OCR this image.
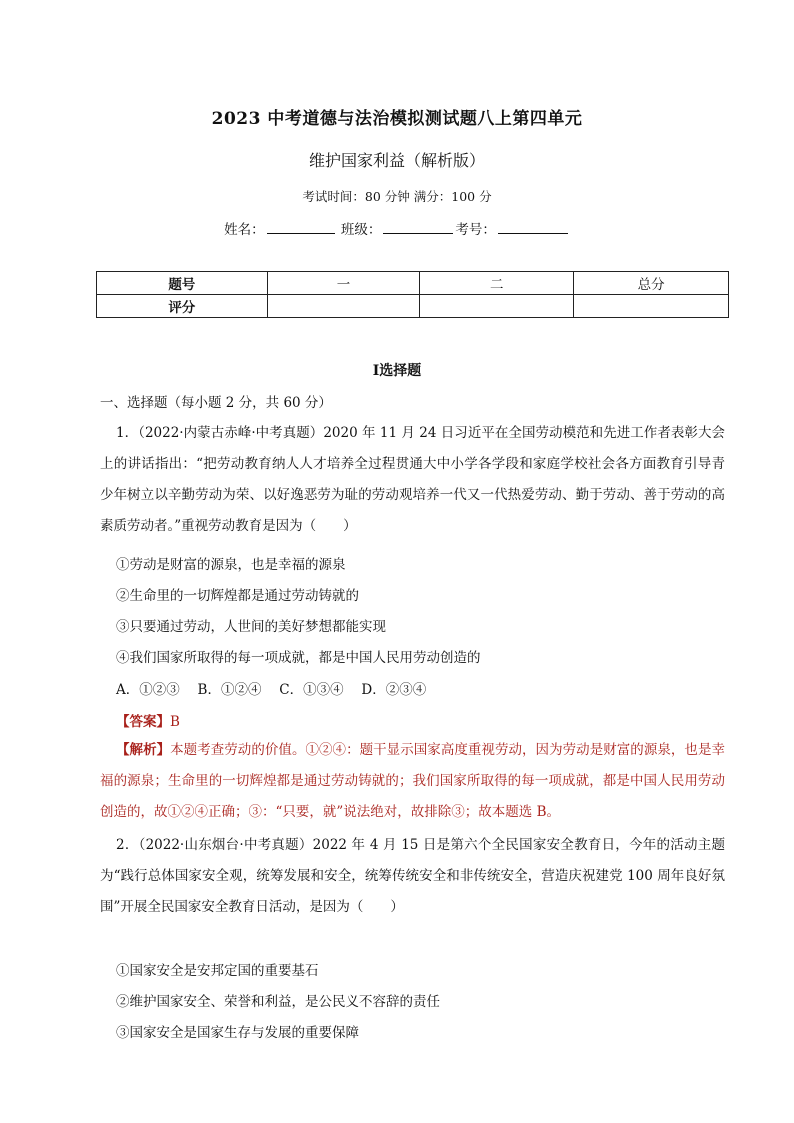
2023 中考道德与法治模拟测试题八上第四单元
维护国家利益（解析版）
考试时间：80 分钟 满分：100 分
姓名：	班级：	考号：
题号	一	二	总分
评分			
Ⅰ选择题
一、选择题（每小题 2 分，共 60 分）
1．（2022·内蒙古赤峰·中考真题）2020 年 11 月 24 日习近平在全国劳动模范和先进工作者表彰大会上的讲话指出：“把劳动教育纳人人才培养全过程贯通大中小学各学段和家庭学校社会各方面教育引导青少年树立以辛勤劳动为荣、以好逸恶劳为耻的劳动观培养一代又一代热爱劳动、勤于劳动、善于劳动的高素质劳动者。”重视劳动教育是因为（　　）
①劳动是财富的源泉，也是幸福的源泉
②生命里的一切辉煌都是通过劳动铸就的
③只要通过劳动，人世间的美好梦想都能实现
④我们国家所取得的每一项成就，都是中国人民用劳动创造的
A．①②③　 B．①②④　 C．①③④　 D．②③④
【答案】B
【解析】本题考查劳动的价值。①②④：题干显示国家高度重视劳动，因为劳动是财富的源泉，也是幸福的源泉；生命里的一切辉煌都是通过劳动铸就的；我们国家所取得的每一项成就，都是中国人民用劳动创造的，故①②④正确；③：“只要，就”说法绝对，故排除③；故本题选 B。
2．（2022·山东烟台·中考真题）2022 年 4 月 15 日是第六个全民国家安全教育日，今年的活动主题为“践行总体国家安全观，统筹发展和安全，统筹传统安全和非传统安全，营造庆祝建党 100 周年良好氛围”开展全民国家安全教育日活动，是因为（　　）
①国家安全是安邦定国的重要基石
②维护国家安全、荣誉和利益，是公民义不容辞的责任
③国家安全是国家生存与发展的重要保障
